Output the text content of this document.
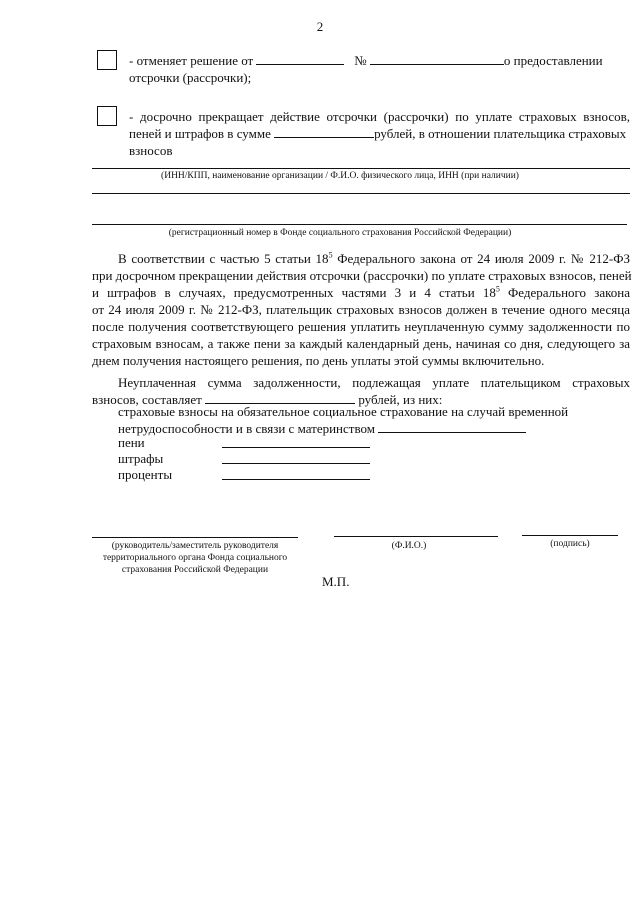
2
- отменяет решение от	№	о предоставлении
отсрочки (рассрочки);
- досрочно прекращает действие отсрочки (рассрочки) по уплате страховых взносов,
пеней и штрафов в сумме	рублей, в отношении плательщика страховых
взносов
(ИНН/КПП, наименование организации / Ф.И.О. физического лица, ИНН (при наличии)
(регистрационный номер в Фонде социального страхования Российской Федерации)
В соответствии с частью 5 статьи $18^5$ Федерального закона от 24 июля 2009 г. № 212-ФЗ
при досрочном прекращении действия отсрочки (рассрочки) по уплате страховых взносов, пеней
и штрафов в случаях, предусмотренных частями 3 и 4 статьи $18^5$ Федерального закона
от 24 июля 2009 г. № 212-ФЗ, плательщик страховых взносов должен в течение одного месяца
после получения соответствующего решения уплатить неуплаченную сумму задолженности по
страховым взносам, а также пени за каждый календарный день, начиная со дня, следующего за
днем получения настоящего решения, по день уплаты этой суммы включительно.
Неуплаченная сумма задолженности, подлежащая уплате плательщиком страховых
взносов, составляет	рублей, из них:
страховые взносы на обязательное социальное страхование на случай временной
нетрудоспособности и в связи с материнством
пени
штрафы
проценты
(руководитель/заместитель руководителя
территориального органа Фонда социального
страхования Российской Федерации
(Ф.И.О.)	(подпись)
М.П.
